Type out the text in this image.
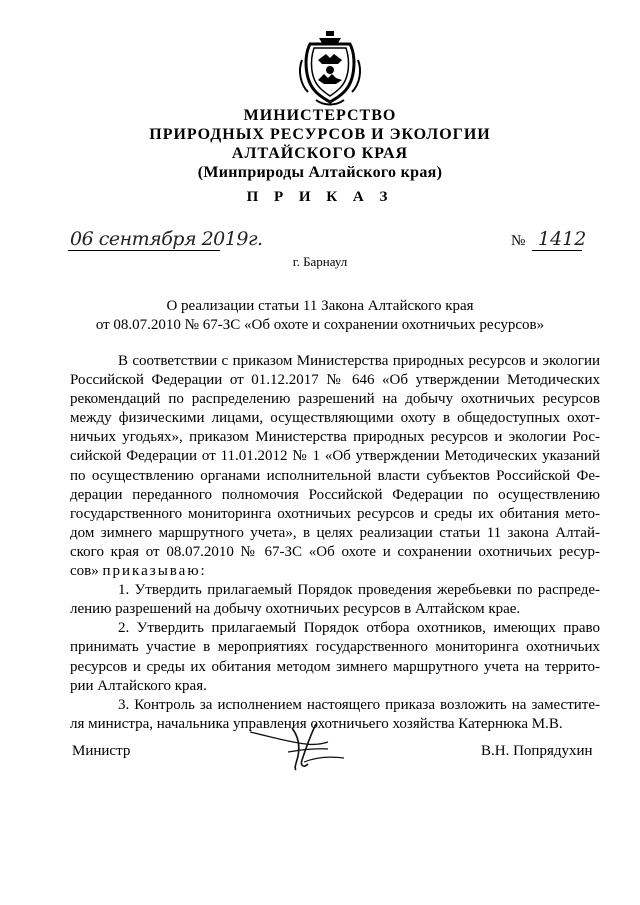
МИНИСТЕРСТВО
ПРИРОДНЫХ РЕСУРСОВ И ЭКОЛОГИИ
АЛТАЙСКОГО КРАЯ
(Минприроды Алтайского края)
П Р И К А З
06 сентября 2019г.	№ 1412
г. Барнаул
О реализации статьи 11 Закона Алтайского края
от 08.07.2010 № 67-ЗС «Об охоте и сохранении охотничьих ресурсов»
В соответствии с приказом Министерства природных ресурсов и экологии
Российской Федерации от 01.12.2017 № 646 «Об утверждении Методических
рекомендаций по распределению разрешений на добычу охотничьих ресурсов
между физическими лицами, осуществляющими охоту в общедоступных охот-
ничьих угодьях», приказом Министерства природных ресурсов и экологии Рос-
сийской Федерации от 11.01.2012 № 1 «Об утверждении Методических указаний
по осуществлению органами исполнительной власти субъектов Российской Фе-
дерации переданного полномочия Российской Федерации по осуществлению
государственного мониторинга охотничьих ресурсов и среды их обитания мето-
дом зимнего маршрутного учета», в целях реализации статьи 11 закона Алтай-
ского края от 08.07.2010 № 67-ЗС «Об охоте и сохранении охотничьих ресур-
сов» приказываю:
1. Утвердить прилагаемый Порядок проведения жеребьевки по распреде-
лению разрешений на добычу охотничьих ресурсов в Алтайском крае.
2. Утвердить прилагаемый Порядок отбора охотников, имеющих право
принимать участие в мероприятиях государственного мониторинга охотничьих
ресурсов и среды их обитания методом зимнего маршрутного учета на террито-
рии Алтайского края.
3. Контроль за исполнением настоящего приказа возложить на заместите-
ля министра, начальника управления охотничьего хозяйства Катернюка М.В.
Министр	В.Н. Попрядухин
